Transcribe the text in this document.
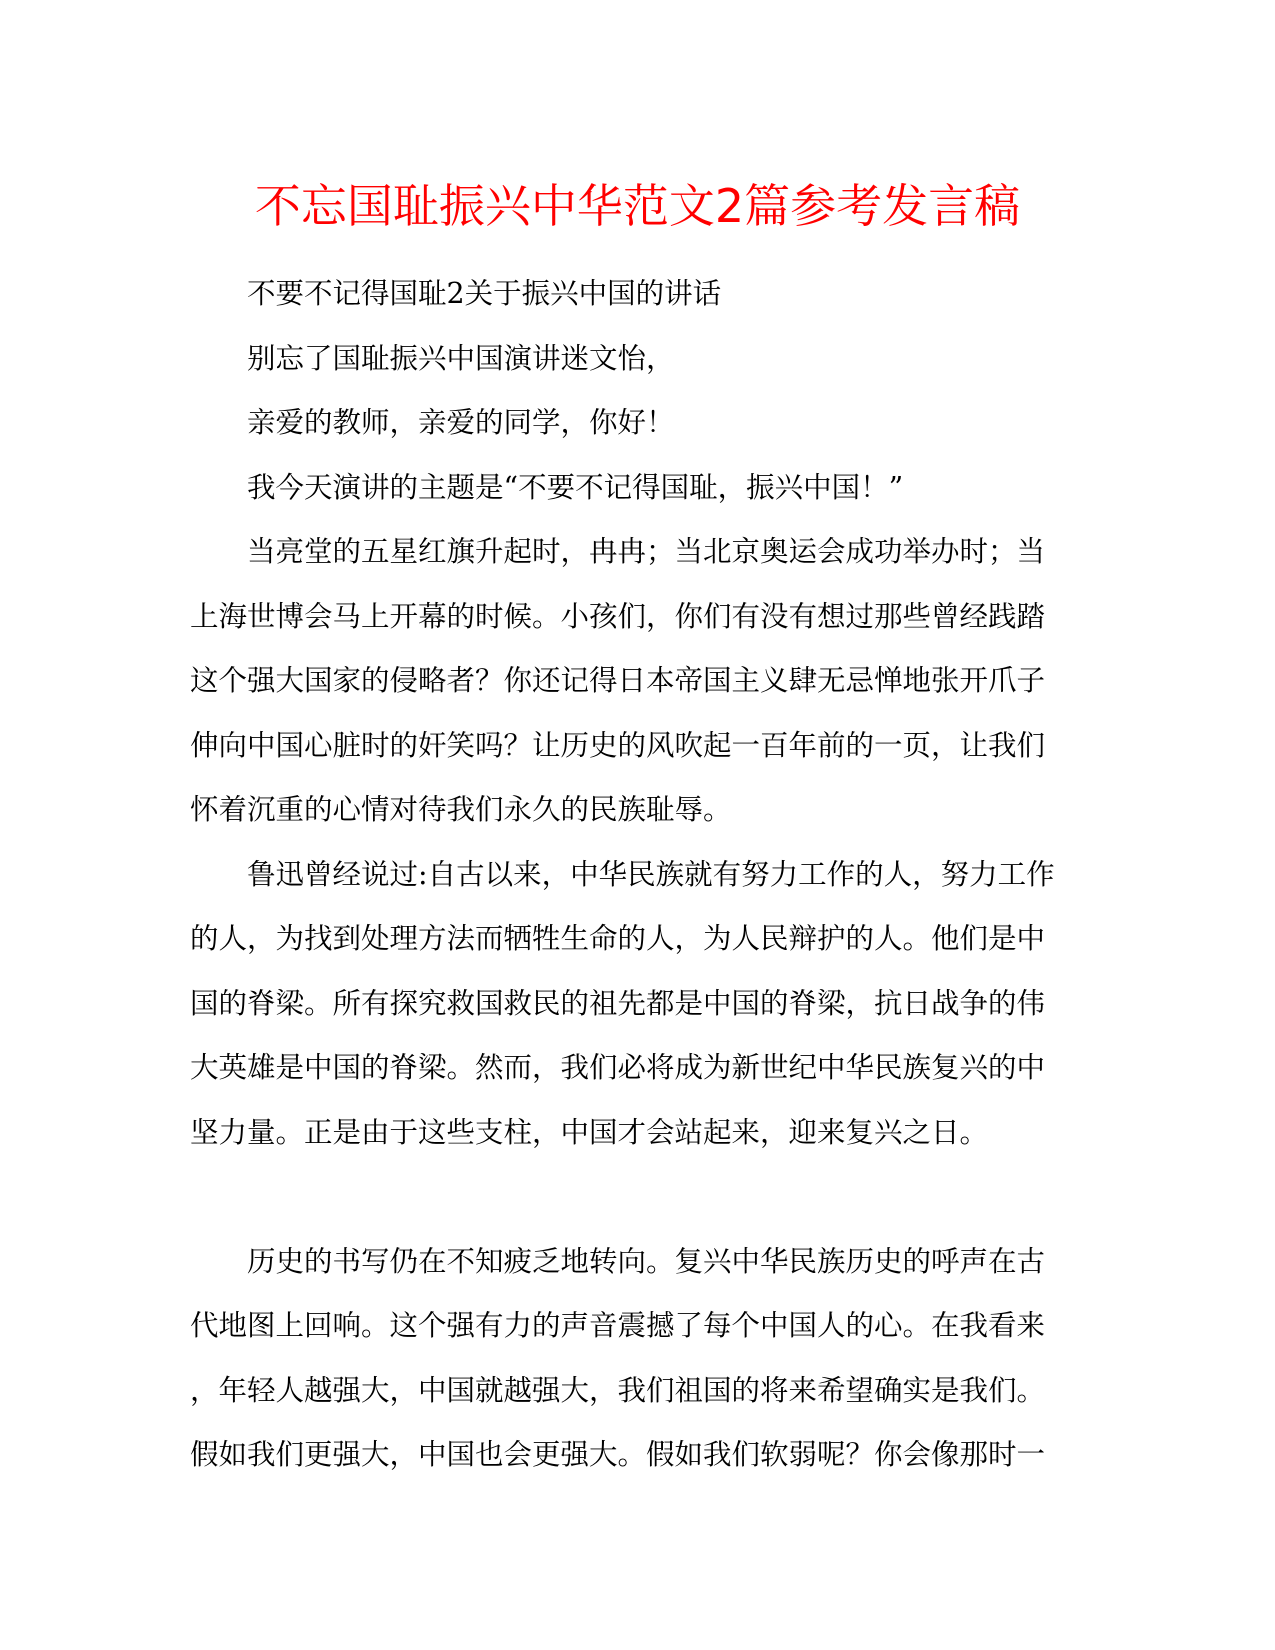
不忘国耻振兴中华范文2篇参考发言稿

不要不记得国耻2关于振兴中国的讲话

别忘了国耻振兴中国演讲迷文怡，

亲爱的教师，亲爱的同学，你好！

我今天演讲的主题是“不要不记得国耻，振兴中国！”

当亮堂的五星红旗升起时，冉冉；当北京奥运会成功举办时；当
上海世博会马上开幕的时候。小孩们，你们有没有想过那些曾经践踏
这个强大国家的侵略者？你还记得日本帝国主义肆无忌惮地张开爪子
伸向中国心脏时的奸笑吗？让历史的风吹起一百年前的一页，让我们
怀着沉重的心情对待我们永久的民族耻辱。

鲁迅曾经说过:自古以来，中华民族就有努力工作的人，努力工作
的人，为找到处理方法而牺牲生命的人，为人民辩护的人。他们是中
国的脊梁。所有探究救国救民的祖先都是中国的脊梁，抗日战争的伟
大英雄是中国的脊梁。然而，我们必将成为新世纪中华民族复兴的中
坚力量。正是由于这些支柱，中国才会站起来，迎来复兴之日。

历史的书写仍在不知疲乏地转向。复兴中华民族历史的呼声在古
代地图上回响。这个强有力的声音震撼了每个中国人的心。在我看来
，年轻人越强大，中国就越强大，我们祖国的将来希望确实是我们。
假如我们更强大，中国也会更强大。假如我们软弱呢？你会像那时一
